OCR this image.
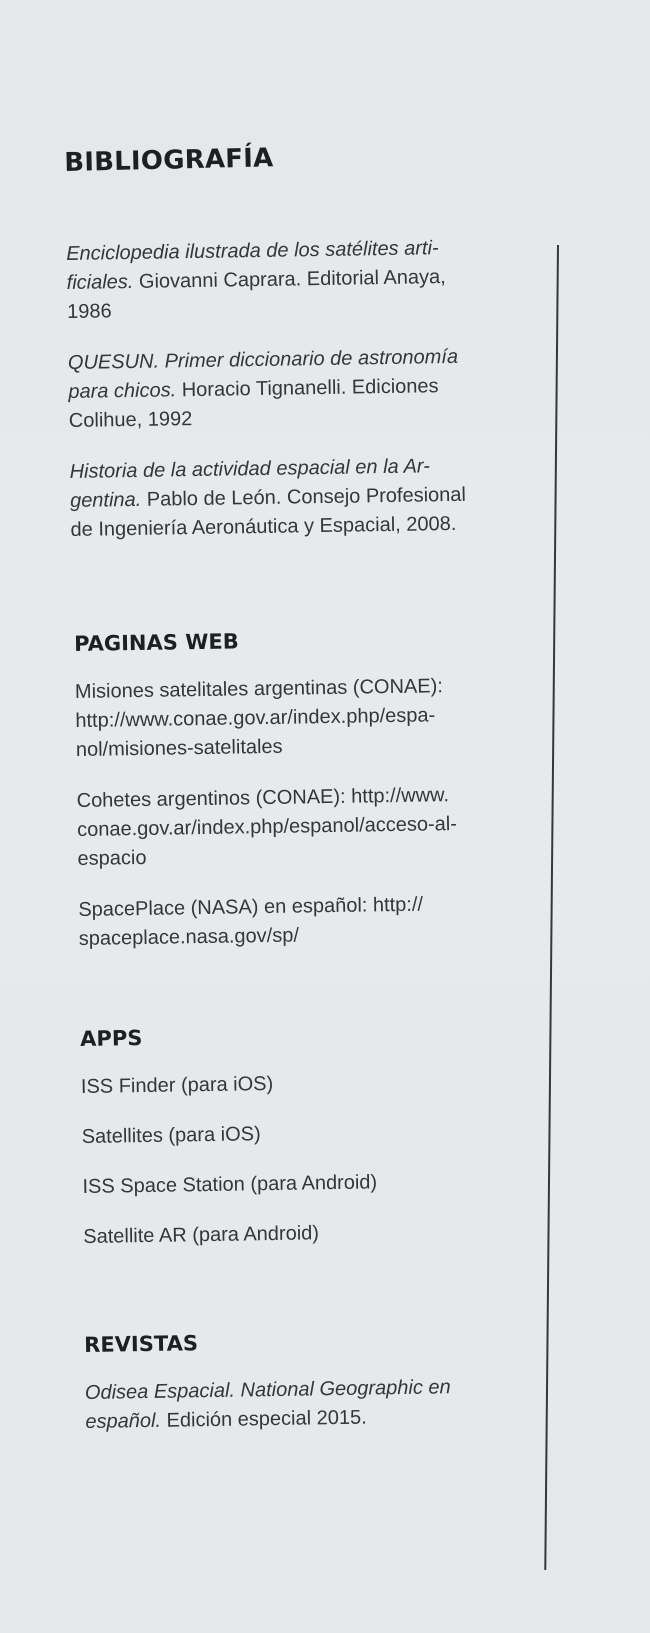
BIBLIOGRAFÍA
Enciclopedia ilustrada de los satélites arti-
ficiales. Giovanni Caprara. Editorial Anaya,
1986
QUESUN. Primer diccionario de astronomía
para chicos. Horacio Tignanelli. Ediciones
Colihue, 1992
Historia de la actividad espacial en la Ar-
gentina. Pablo de León. Consejo Profesional
de Ingeniería Aeronáutica y Espacial, 2008.
PAGINAS WEB
Misiones satelitales argentinas (CONAE):
http://www.conae.gov.ar/index.php/espa-
nol/misiones-satelitales
Cohetes argentinos (CONAE): http://www.
conae.gov.ar/index.php/espanol/acceso-al-
espacio
SpacePlace (NASA) en español: http://
spaceplace.nasa.gov/sp/
APPS
ISS Finder (para iOS)
Satellites (para iOS)
ISS Space Station (para Android)
Satellite AR (para Android)
REVISTAS
Odisea Espacial. National Geographic en
español. Edición especial 2015.
